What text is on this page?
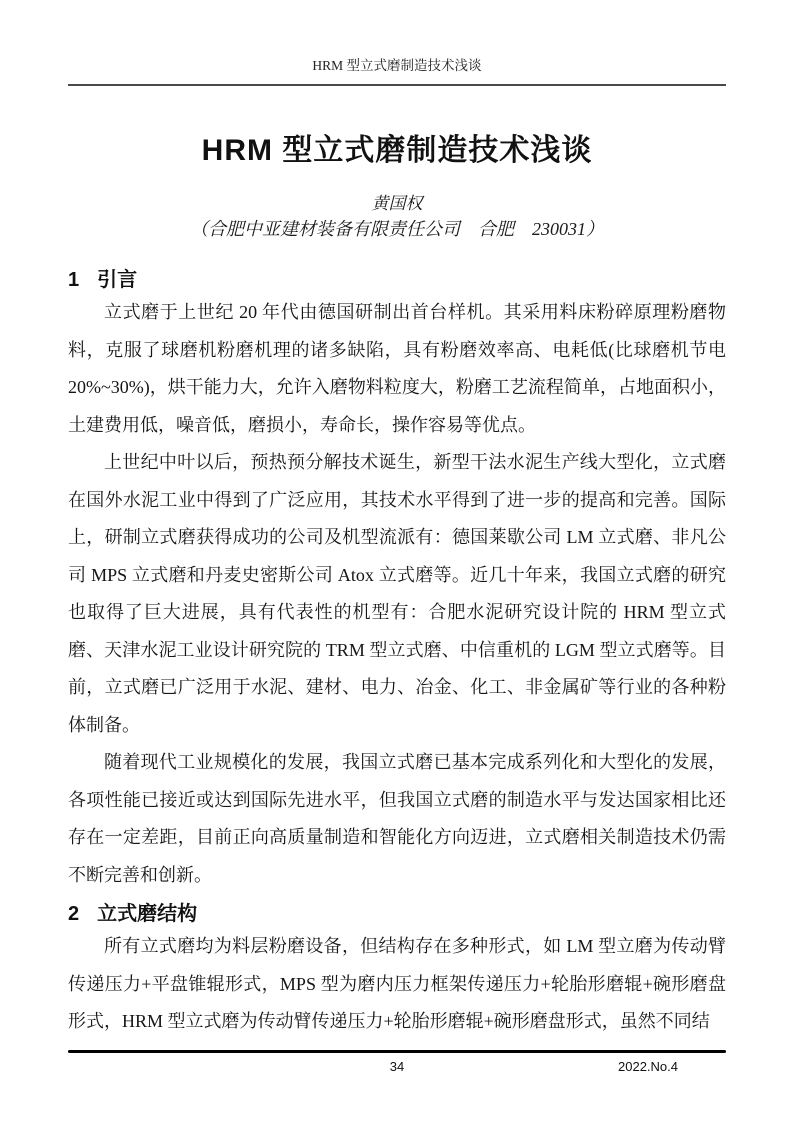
HRM 型立式磨制造技术浅谈
HRM 型立式磨制造技术浅谈
黄国权
（合肥中亚建材装备有限责任公司　合肥　230031）
1 引言

立式磨于上世纪 20 年代由德国研制出首台样机。其采用料床粉碎原理粉磨物料，克服了球磨机粉磨机理的诸多缺陷，具有粉磨效率高、电耗低(比球磨机节电 20%~30%)，烘干能力大，允许入磨物料粒度大，粉磨工艺流程简单，占地面积小，土建费用低，噪音低，磨损小，寿命长，操作容易等优点。

上世纪中叶以后，预热预分解技术诞生，新型干法水泥生产线大型化，立式磨在国外水泥工业中得到了广泛应用，其技术水平得到了进一步的提高和完善。国际上，研制立式磨获得成功的公司及机型流派有：德国莱歇公司 LM 立式磨、非凡公司 MPS 立式磨和丹麦史密斯公司 Atox 立式磨等。近几十年来，我国立式磨的研究也取得了巨大进展，具有代表性的机型有：合肥水泥研究设计院的 HRM 型立式磨、天津水泥工业设计研究院的 TRM 型立式磨、中信重机的 LGM 型立式磨等。目前，立式磨已广泛用于水泥、建材、电力、冶金、化工、非金属矿等行业的各种粉体制备。

随着现代工业规模化的发展，我国立式磨已基本完成系列化和大型化的发展，各项性能已接近或达到国际先进水平，但我国立式磨的制造水平与发达国家相比还存在一定差距，目前正向高质量制造和智能化方向迈进，立式磨相关制造技术仍需不断完善和创新。

2 立式磨结构

所有立式磨均为料层粉磨设备，但结构存在多种形式，如 LM 型立磨为传动臂传递压力+平盘锥辊形式，MPS 型为磨内压力框架传递压力+轮胎形磨辊+碗形磨盘形式，HRM 型立式磨为传动臂传递压力+轮胎形磨辊+碗形磨盘形式，虽然不同结

34	2022.No.4
